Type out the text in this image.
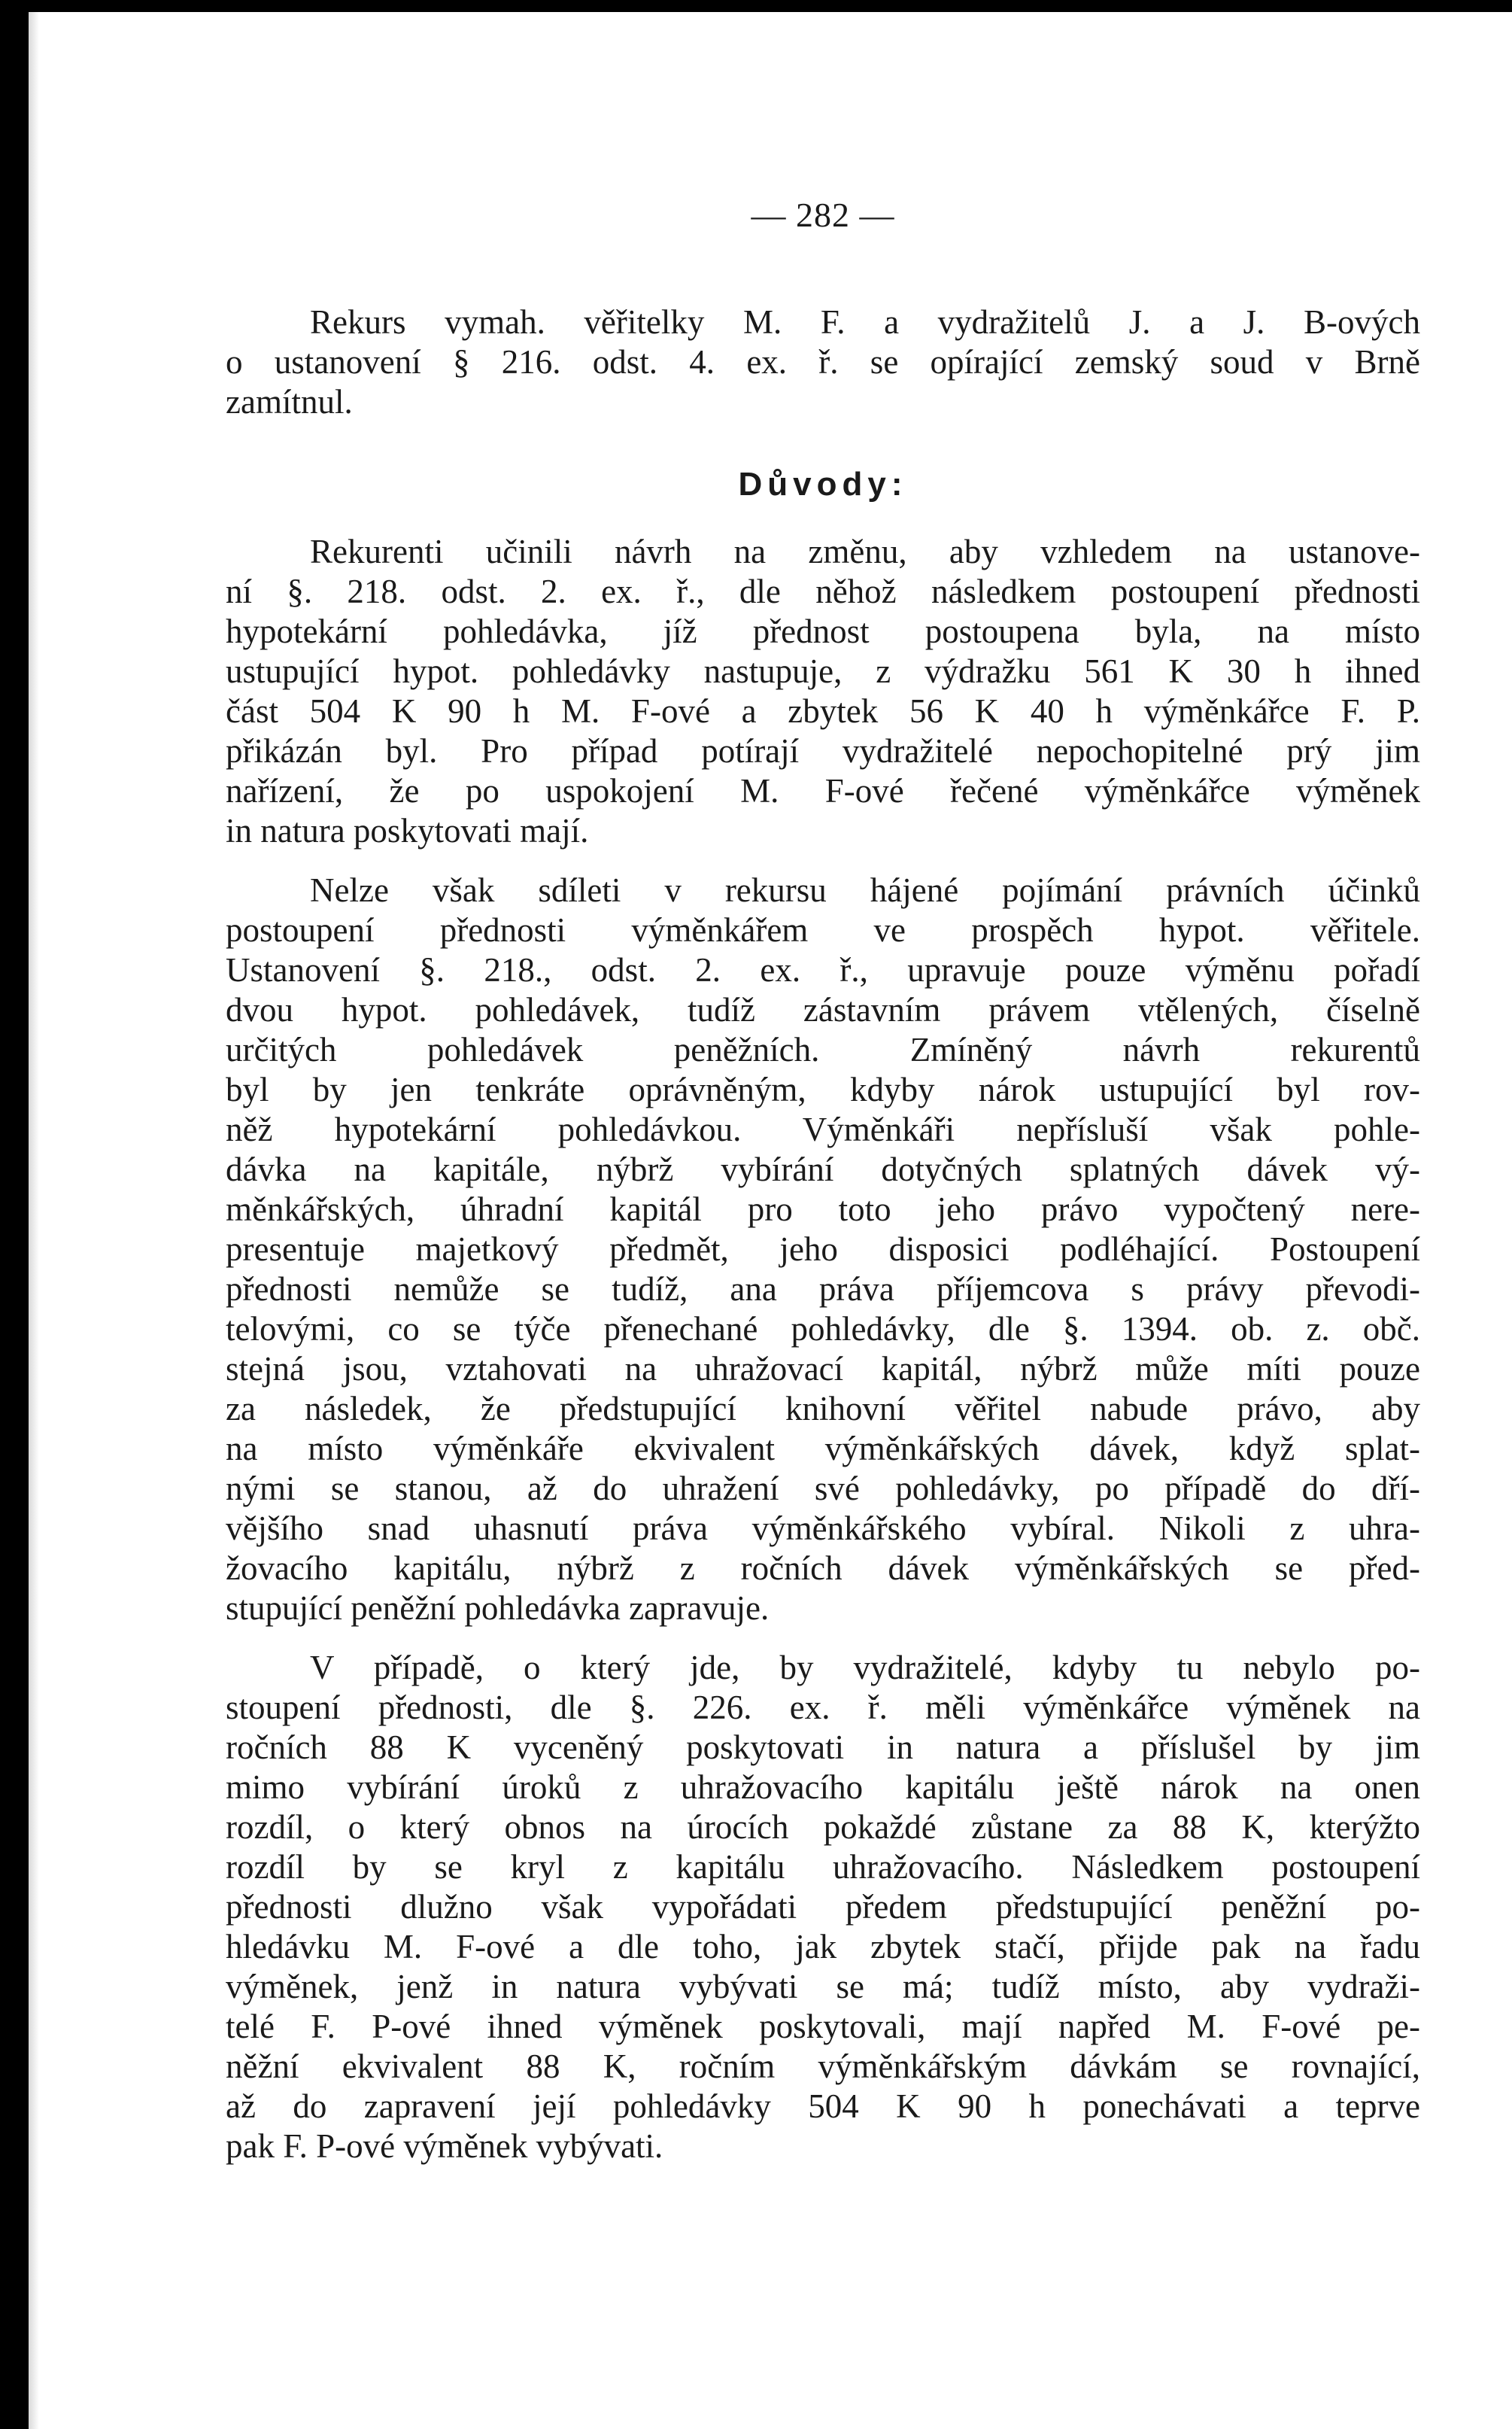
— 282 —
Rekurs vymah. věřitelky M. F. a vydražitelů J. a J. B-ových
o ustanovení § 216. odst. 4. ex. ř. se opírající zemský soud v Brně
zamítnul.
Důvody:
Rekurenti učinili návrh na změnu, aby vzhledem na ustanove-
ní §. 218. odst. 2. ex. ř., dle něhož následkem postoupení přednosti
hypotekární pohledávka, jíž přednost postoupena byla, na místo
ustupující hypot. pohledávky nastupuje, z výdražku 561 K 30 h ihned
část 504 K 90 h M. F-ové a zbytek 56 K 40 h výměnkářce F. P.
přikázán byl. Pro případ potírají vydražitelé nepochopitelné prý jim
nařízení, že po uspokojení M. F-ové řečené výměnkářce výměnek
in natura poskytovati mají.
Nelze však sdíleti v rekursu hájené pojímání právních účinků
postoupení přednosti výměnkářem ve prospěch hypot. věřitele.
Ustanovení §. 218., odst. 2. ex. ř., upravuje pouze výměnu pořadí
dvou hypot. pohledávek, tudíž zástavním právem vtělených, číselně
určitých pohledávek peněžních. Zmíněný návrh rekurentů
byl by jen tenkráte oprávněným, kdyby nárok ustupující byl rov-
něž hypotekární pohledávkou. Výměnkáři nepřísluší však pohle-
dávka na kapitále, nýbrž vybírání dotyčných splatných dávek vý-
měnkářských, úhradní kapitál pro toto jeho právo vypočtený nere-
presentuje majetkový předmět, jeho disposici podléhající. Postoupení
přednosti nemůže se tudíž, ana práva příjemcova s právy převodi-
telovými, co se týče přenechané pohledávky, dle §. 1394. ob. z. obč.
stejná jsou, vztahovati na uhražovací kapitál, nýbrž může míti pouze
za následek, že předstupující knihovní věřitel nabude právo, aby
na místo výměnkáře ekvivalent výměnkářských dávek, když splat-
nými se stanou, až do uhražení své pohledávky, po případě do dří-
vějšího snad uhasnutí práva výměnkářského vybíral. Nikoli z uhra-
žovacího kapitálu, nýbrž z ročních dávek výměnkářských se před-
stupující peněžní pohledávka zapravuje.
V případě, o který jde, by vydražitelé, kdyby tu nebylo po-
stoupení přednosti, dle §. 226. ex. ř. měli výměnkářce výměnek na
ročních 88 K vyceněný poskytovati in natura a příslušel by jim
mimo vybírání úroků z uhražovacího kapitálu ještě nárok na onen
rozdíl, o který obnos na úrocích pokaždé zůstane za 88 K, kterýžto
rozdíl by se kryl z kapitálu uhražovacího. Následkem postoupení
přednosti dlužno však vypořádati předem předstupující peněžní po-
hledávku M. F-ové a dle toho, jak zbytek stačí, přijde pak na řadu
výměnek, jenž in natura vybývati se má; tudíž místo, aby vydraži-
telé F. P-ové ihned výměnek poskytovali, mají napřed M. F-ové pe-
něžní ekvivalent 88 K, ročním výměnkářským dávkám se rovnající,
až do zapravení její pohledávky 504 K 90 h ponechávati a teprve
pak F. P-ové výměnek vybývati.
